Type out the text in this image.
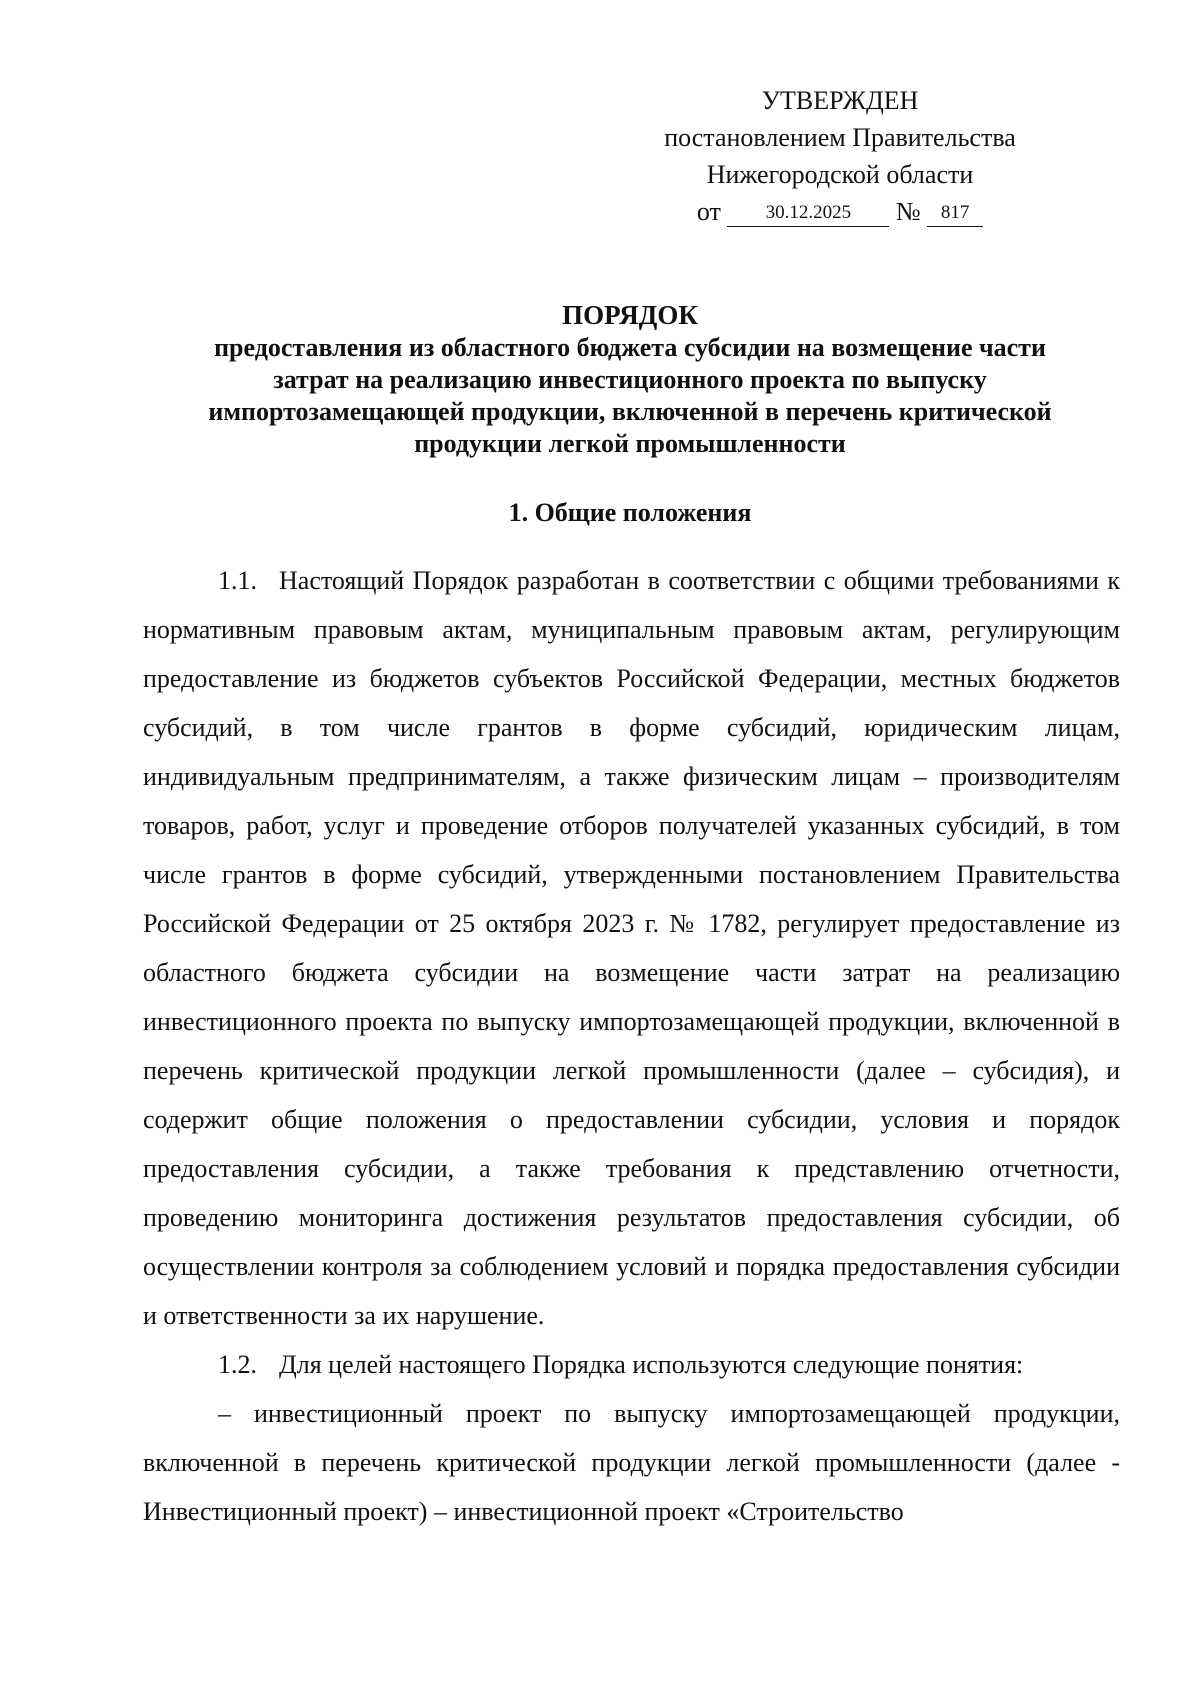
УТВЕРЖДЕН
постановлением Правительства
Нижегородской области
от 30.12.2025 № 817
ПОРЯДОК
предоставления из областного бюджета субсидии на возмещение части
затрат на реализацию инвестиционного проекта по выпуску
импортозамещающей продукции, включенной в перечень критической
продукции легкой промышленности
1. Общие положения

1.1. Настоящий Порядок разработан в соответствии с общими требованиями к нормативным правовым актам, муниципальным правовым актам, регулирующим предоставление из бюджетов субъектов Российской Федерации, местных бюджетов субсидий, в том числе грантов в форме субсидий, юридическим лицам, индивидуальным предпринимателям, а также физическим лицам – производителям товаров, работ, услуг и проведение отборов получателей указанных субсидий, в том числе грантов в форме субсидий, утвержденными постановлением Правительства Российской Федерации от 25 октября 2023 г. № 1782, регулирует предоставление из областного бюджета субсидии на возмещение части затрат на реализацию инвестиционного проекта по выпуску импортозамещающей продукции, включенной в перечень критической продукции легкой промышленности (далее – субсидия), и содержит общие положения о предоставлении субсидии, условия и порядок предоставления субсидии, а также требования к представлению отчетности, проведению мониторинга достижения результатов предоставления субсидии, об осуществлении контроля за соблюдением условий и порядка предоставления субсидии и ответственности за их нарушение.

1.2. Для целей настоящего Порядка используются следующие понятия:

– инвестиционный проект по выпуску импортозамещающей продукции, включенной в перечень критической продукции легкой промышленности (далее - Инвестиционный проект) – инвестиционной проект «Строительство
